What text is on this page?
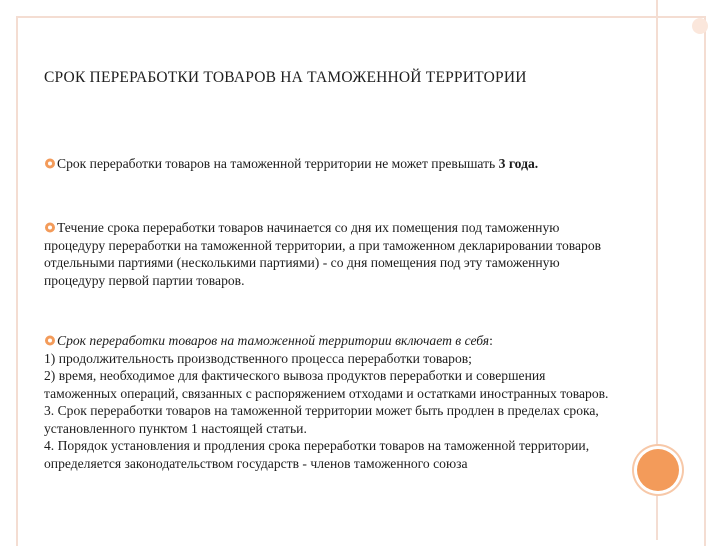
СРОК ПЕРЕРАБОТКИ ТОВАРОВ НА ТАМОЖЕННОЙ ТЕРРИТОРИИ
Срок переработки товаров на таможенной территории не может превышать 3 года.
Течение срока переработки товаров начинается со дня их помещения под таможенную процедуру переработки на таможенной территории, а при таможенном декларировании товаров отдельными партиями (несколькими партиями) - со дня помещения под эту таможенную процедуру первой партии товаров.
Срок переработки товаров на таможенной территории включает в себя:
1) продолжительность производственного процесса переработки товаров;
2) время, необходимое для фактического вывоза продуктов переработки и совершения таможенных операций, связанных с распоряжением отходами и остатками иностранных товаров.
3. Срок переработки товаров на таможенной территории может быть продлен в пределах срока, установленного пунктом 1 настоящей статьи.
4. Порядок установления и продления срока переработки товаров на таможенной территории, определяется законодательством государств - членов таможенного союза
